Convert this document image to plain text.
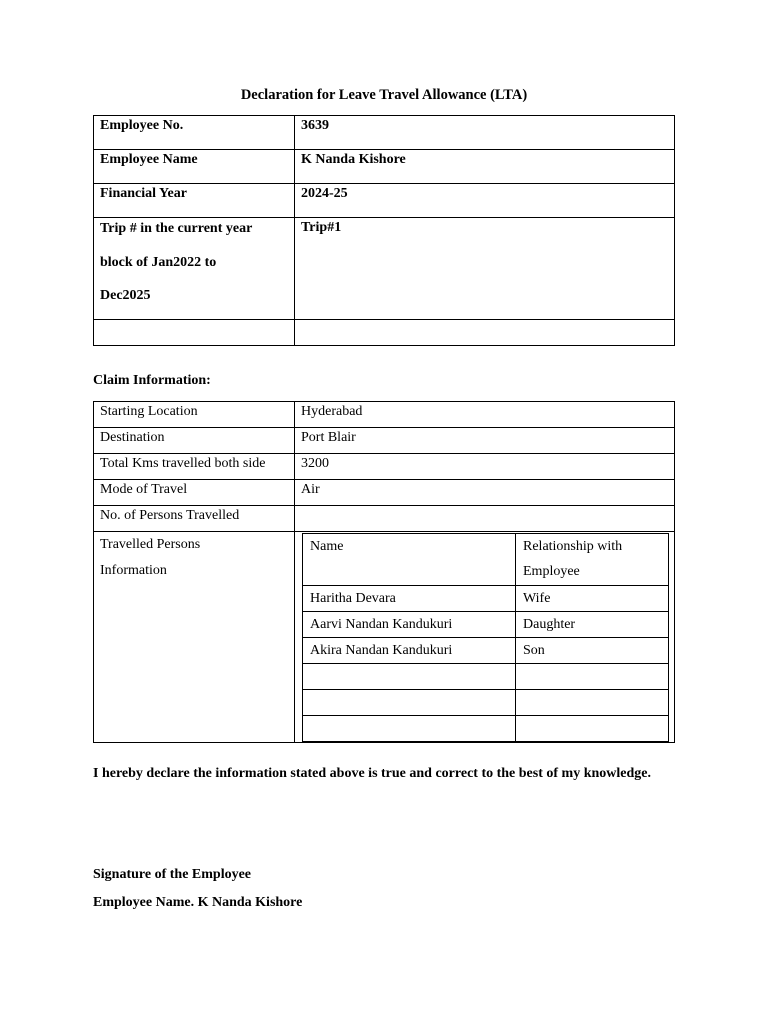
Declaration for Leave Travel Allowance (LTA)
Employee No.	3639
Employee Name	K Nanda Kishore
Financial Year	2024-25

Trip # in the current year
block of Jan2022 to
Dec2025	Trip#1

Claim Information:
Starting Location	Hyderabad
Destination	Port Blair
Total Kms travelled both side	3200
Mode of Travel	Air
No. of Persons Travelled	

Travelled Persons
Information

Name	Relationship with
Employee

Haritha Devara	Wife
Aarvi Nandan Kandukuri	Daughter
Akira Nandan Kandukuri	Son

I hereby declare the information stated above is true and correct to the best of my knowledge.
Signature of the Employee
Employee Name. K Nanda Kishore
